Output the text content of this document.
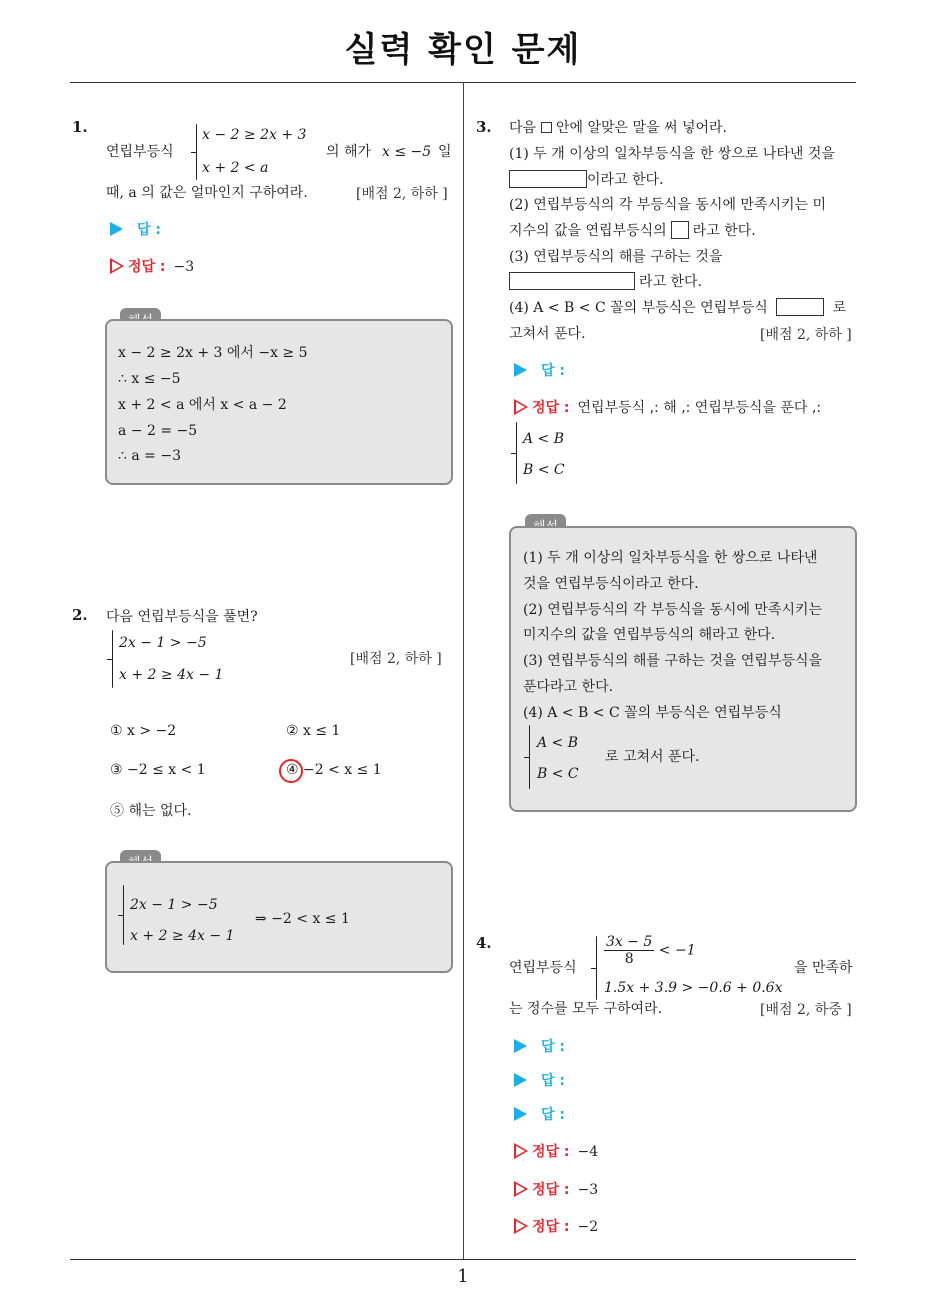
실력 확인 문제
1
1.
연립부등식
x − 2 ≥ 2x + 3
x + 2 < a
의 해가 x ≤ −5 일
때, a 의 값은 얼마인지 구하여라.	[배점 2, 하하 ]
답 :
정답 : −3
x − 2 ≥ 2x + 3 에서 −x ≥ 5
∴ x ≤ −5
x + 2 < a 에서 x < a − 2
a − 2 = −5
∴ a = −3
2. 다음 연립부등식을 풀면?
2x − 1 > −5
x + 2 ≥ 4x − 1
[배점 2, 하하 ]
① x > −2	② x ≤ 1
③ −2 ≤ x < 1	④ −2 < x ≤ 1
⑤ 해는 없다.
2x − 1 > −5
x + 2 ≥ 4x − 1
⇒ −2 < x ≤ 1
3. 다음 안에 알맞은 말을 써 넣어라.
(1) 두 개 이상의 일차부등식을 한 쌍으로 나타낸 것을
이라고 한다.
(2) 연립부등식의 각 부등식을 동시에 만족시키는 미
지수의 값을 연립부등식의 라고 한다.
(3) 연립부등식의 해를 구하는 것을
라고 한다.
(4) A < B < C 꼴의 부등식은 연립부등식	로
고쳐서 푼다.	[배점 2, 하하 ]
답 :
정답 : 연립부등식 ,: 해 ,: 연립부등식을 푼다 ,:
A < B
B < C
(1) 두 개 이상의 일차부등식을 한 쌍으로 나타낸
것을 연립부등식이라고 한다.
(2) 연립부등식의 각 부등식을 동시에 만족시키는
미지수의 값을 연립부등식의 해라고 한다.
(3) 연립부등식의 해를 구하는 것을 연립부등식을
푼다라고 한다.
(4) A < B < C 꼴의 부등식은 연립부등식
A < B
B < C
로 고쳐서 푼다.
4.
연립부등식
$\frac{3x - 5}{8} < -1$
1.5x + 3.9 > −0.6 + 0.6x
을 만족하
는 정수를 모두 구하여라.	[배점 2, 하중 ]
답 :
답 :
답 :
정답 : −4
정답 : −3
정답 : −2
